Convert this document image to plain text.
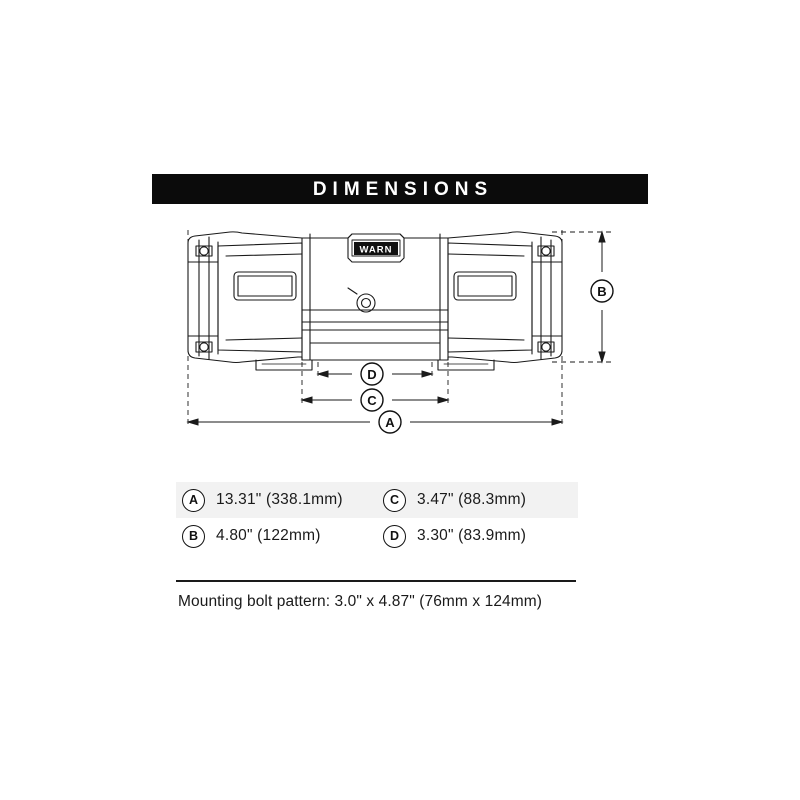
DIMENSIONS
WARN
A
B
C
D
A	13.31" (338.1mm)	C	3.47" (88.3mm)
B	4.80" (122mm)	D	3.30" (83.9mm)
Mounting bolt pattern: 3.0" x 4.87" (76mm x 124mm)
